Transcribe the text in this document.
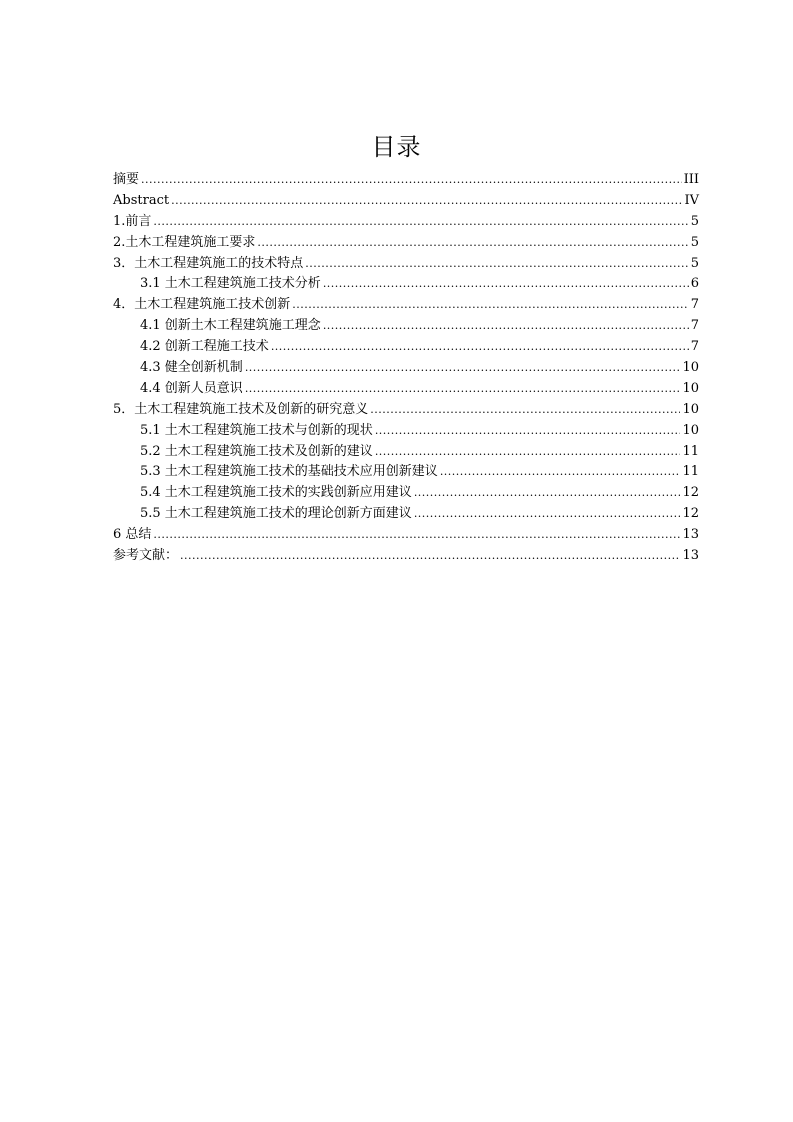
目录
摘要 .....	III
Abstract .....	IV
1.前言 .....	5
2.土木工程建筑施工要求 .....	5
3．土木工程建筑施工的技术特点 .....	5
3.1 土木工程建筑施工技术分析 .....	6
4．土木工程建筑施工技术创新 .....	7
4.1 创新土木工程建筑施工理念 .....	7
4.2 创新工程施工技术 .....	7
4.3 健全创新机制 .....	10
4.4 创新人员意识 .....	10
5．土木工程建筑施工技术及创新的研究意义 .....	10
5.1 土木工程建筑施工技术与创新的现状 .....	10
5.2 土木工程建筑施工技术及创新的建议 .....	11
5.3 土木工程建筑施工技术的基础技术应用创新建议 .....	11
5.4 土木工程建筑施工技术的实践创新应用建议 .....	12
5.5 土木工程建筑施工技术的理论创新方面建议 .....	12
6 总结 .....	13
参考文献： .....	13
